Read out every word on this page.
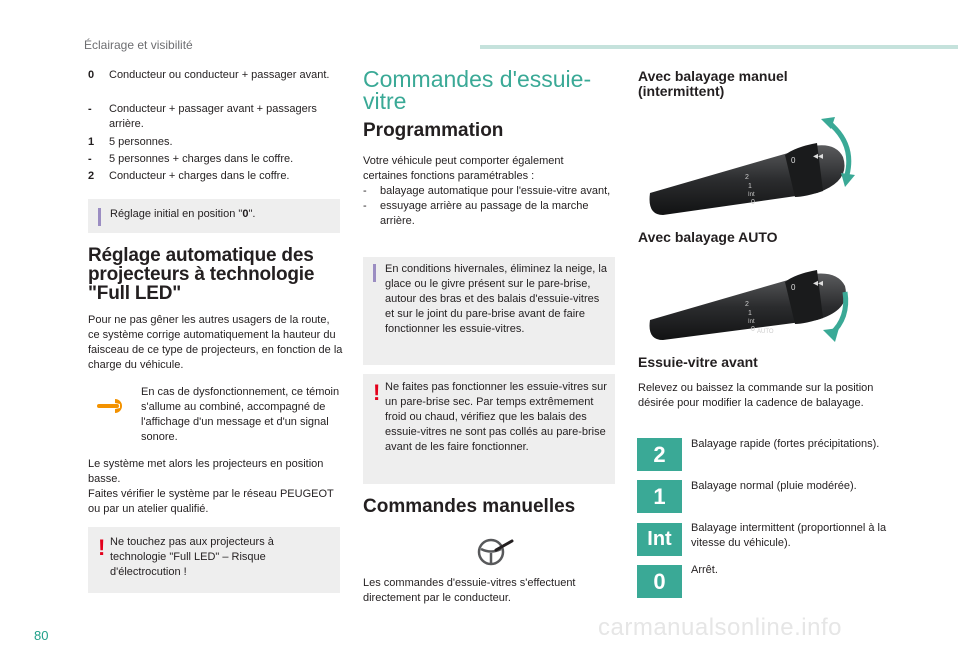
Éclairage et visibilité
0 Conducteur ou conducteur + passager avant.
- Conducteur + passager avant + passagers arrière.
1 5 personnes.
- 5 personnes + charges dans le coffre.
2 Conducteur + charges dans le coffre.
Réglage initial en position "0".
Réglage automatique des projecteurs à technologie "Full LED"
Pour ne pas gêner les autres usagers de la route, ce système corrige automatiquement la hauteur du faisceau de ce type de projecteurs, en fonction de la charge du véhicule.
En cas de dysfonctionnement, ce témoin s'allume au combiné, accompagné de l'affichage d'un message et d'un signal sonore.
Le système met alors les projecteurs en position basse.
Faites vérifier le système par le réseau PEUGEOT ou par un atelier qualifié.
! Ne touchez pas aux projecteurs à technologie "Full LED" – Risque d'électrocution !
Commandes d'essuie-vitre
Programmation
Votre véhicule peut comporter également certaines fonctions paramétrables :
- balayage automatique pour l'essuie-vitre avant,
- essuyage arrière au passage de la marche arrière.
En conditions hivernales, éliminez la neige, la glace ou le givre présent sur le pare-brise, autour des bras et des balais d'essuie-vitres et sur le joint du pare-brise avant de faire fonctionner les essuie-vitres.
! Ne faites pas fonctionner les essuie-vitres sur un pare-brise sec. Par temps extrêmement froid ou chaud, vérifiez que les balais des essuie-vitres ne sont pas collés au pare-brise avant de les faire fonctionner.
Commandes manuelles
Les commandes d'essuie-vitres s'effectuent directement par le conducteur.
Avec balayage manuel (intermittent)
2
1
Int
0
0 ◂◂
Avec balayage AUTO
2
1
Int
0 AUTO
0 ◂◂
Essuie-vitre avant
Relevez ou baissez la commande sur la position désirée pour modifier la cadence de balayage.
2	Balayage rapide (fortes précipitations).
1	Balayage normal (pluie modérée).
Int	Balayage intermittent (proportionnel à la vitesse du véhicule).
0	Arrêt.
80	carmanualsonline.info
